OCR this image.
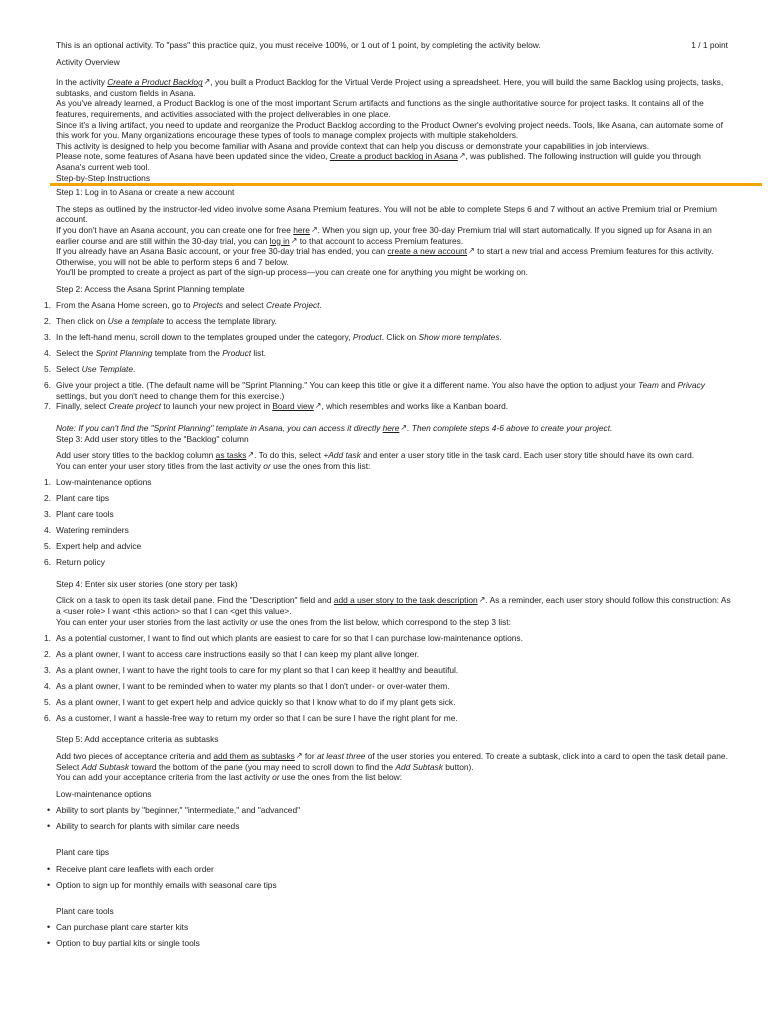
1 / 1 point

This is an optional activity. To "pass" this practice quiz, you must receive 100%, or 1 out of 1 point, by completing the activity below.

Activity Overview

In the activity Create a Product Backlog↗︎, you built a Product Backlog for the Virtual Verde Project using a spreadsheet. Here, you will build the same Backlog using projects, tasks, subtasks, and custom fields in Asana.

As you've already learned, a Product Backlog is one of the most important Scrum artifacts and functions as the single authoritative source for project tasks. It contains all of the features, requirements, and activities associated with the project deliverables in one place.

Since it's a living artifact, you need to update and reorganize the Product Backlog according to the Product Owner's evolving project needs. Tools, like Asana, can automate some of this work for you. Many organizations encourage these types of tools to manage complex projects with multiple stakeholders.

This activity is designed to help you become familiar with Asana and provide context that can help you discuss or demonstrate your capabilities in job interviews.

Please note, some features of Asana have been updated since the video, Create a product backlog in Asana↗︎, was published. The following instruction will guide you through Asana's current web tool.

Step-by-Step Instructions

Step 1: Log in to Asana or create a new account

The steps as outlined by the instructor-led video involve some Asana Premium features. You will not be able to complete Steps 6 and 7 without an active Premium trial or Premium account.

If you don't have an Asana account, you can create one for free here↗︎. When you sign up, your free 30-day Premium trial will start automatically. If you signed up for Asana in an earlier course and are still within the 30-day trial, you can log in↗︎ to that account to access Premium features.

If you already have an Asana Basic account, or your free 30-day trial has ended, you can create a new account↗︎ to start a new trial and access Premium features for this activity. Otherwise, you will not be able to perform steps 6 and 7 below.

You'll be prompted to create a project as part of the sign-up process—you can create one for anything you might be working on.

Step 2: Access the Asana Sprint Planning template

1. From the Asana Home screen, go to Projects and select Create Project.
2. Then click on Use a template to access the template library.
3. In the left-hand menu, scroll down to the templates grouped under the category, Product. Click on Show more templates.
4. Select the Sprint Planning template from the Product list.
5. Select Use Template.
6. Give your project a title. (The default name will be "Sprint Planning." You can keep this title or give it a different name. You also have the option to adjust your Team and Privacy settings, but you don't need to change them for this exercise.)
7. Finally, select Create project to launch your new project in Board view↗︎, which resembles and works like a Kanban board.

Note: If you can't find the "Sprint Planning" template in Asana, you can access it directly here↗︎. Then complete steps 4-6 above to create your project.

Step 3: Add user story titles to the "Backlog" column

Add user story titles to the backlog column as tasks↗︎. To do this, select +Add task and enter a user story title in the task card. Each user story title should have its own card.

You can enter your user story titles from the last activity or use the ones from this list:

1. Low-maintenance options
2. Plant care tips
3. Plant care tools
4. Watering reminders
5. Expert help and advice
6. Return policy

Step 4: Enter six user stories (one story per task)

Click on a task to open its task detail pane. Find the "Description" field and add a user story to the task description↗︎. As a reminder, each user story should follow this construction: As a <user role> I want <this action> so that I can <get this value>.

You can enter your user stories from the last activity or use the ones from the list below, which correspond to the step 3 list:

1. As a potential customer, I want to find out which plants are easiest to care for so that I can purchase low-maintenance options.
2. As a plant owner, I want to access care instructions easily so that I can keep my plant alive longer.
3. As a plant owner, I want to have the right tools to care for my plant so that I can keep it healthy and beautiful.
4. As a plant owner, I want to be reminded when to water my plants so that I don't under- or over-water them.
5. As a plant owner, I want to get expert help and advice quickly so that I know what to do if my plant gets sick.
6. As a customer, I want a hassle-free way to return my order so that I can be sure I have the right plant for me.

Step 5: Add acceptance criteria as subtasks

Add two pieces of acceptance criteria and add them as subtasks↗︎ for at least three of the user stories you entered. To create a subtask, click into a card to open the task detail pane. Select Add Subtask toward the bottom of the pane (you may need to scroll down to find the Add Subtask button).

You can add your acceptance criteria from the last activity or use the ones from the list below:

Low-maintenance options

• Ability to sort plants by "beginner," "intermediate," and "advanced"
• Ability to search for plants with similar care needs

Plant care tips

• Receive plant care leaflets with each order
• Option to sign up for monthly emails with seasonal care tips

Plant care tools

• Can purchase plant care starter kits
• Option to buy partial kits or single tools
